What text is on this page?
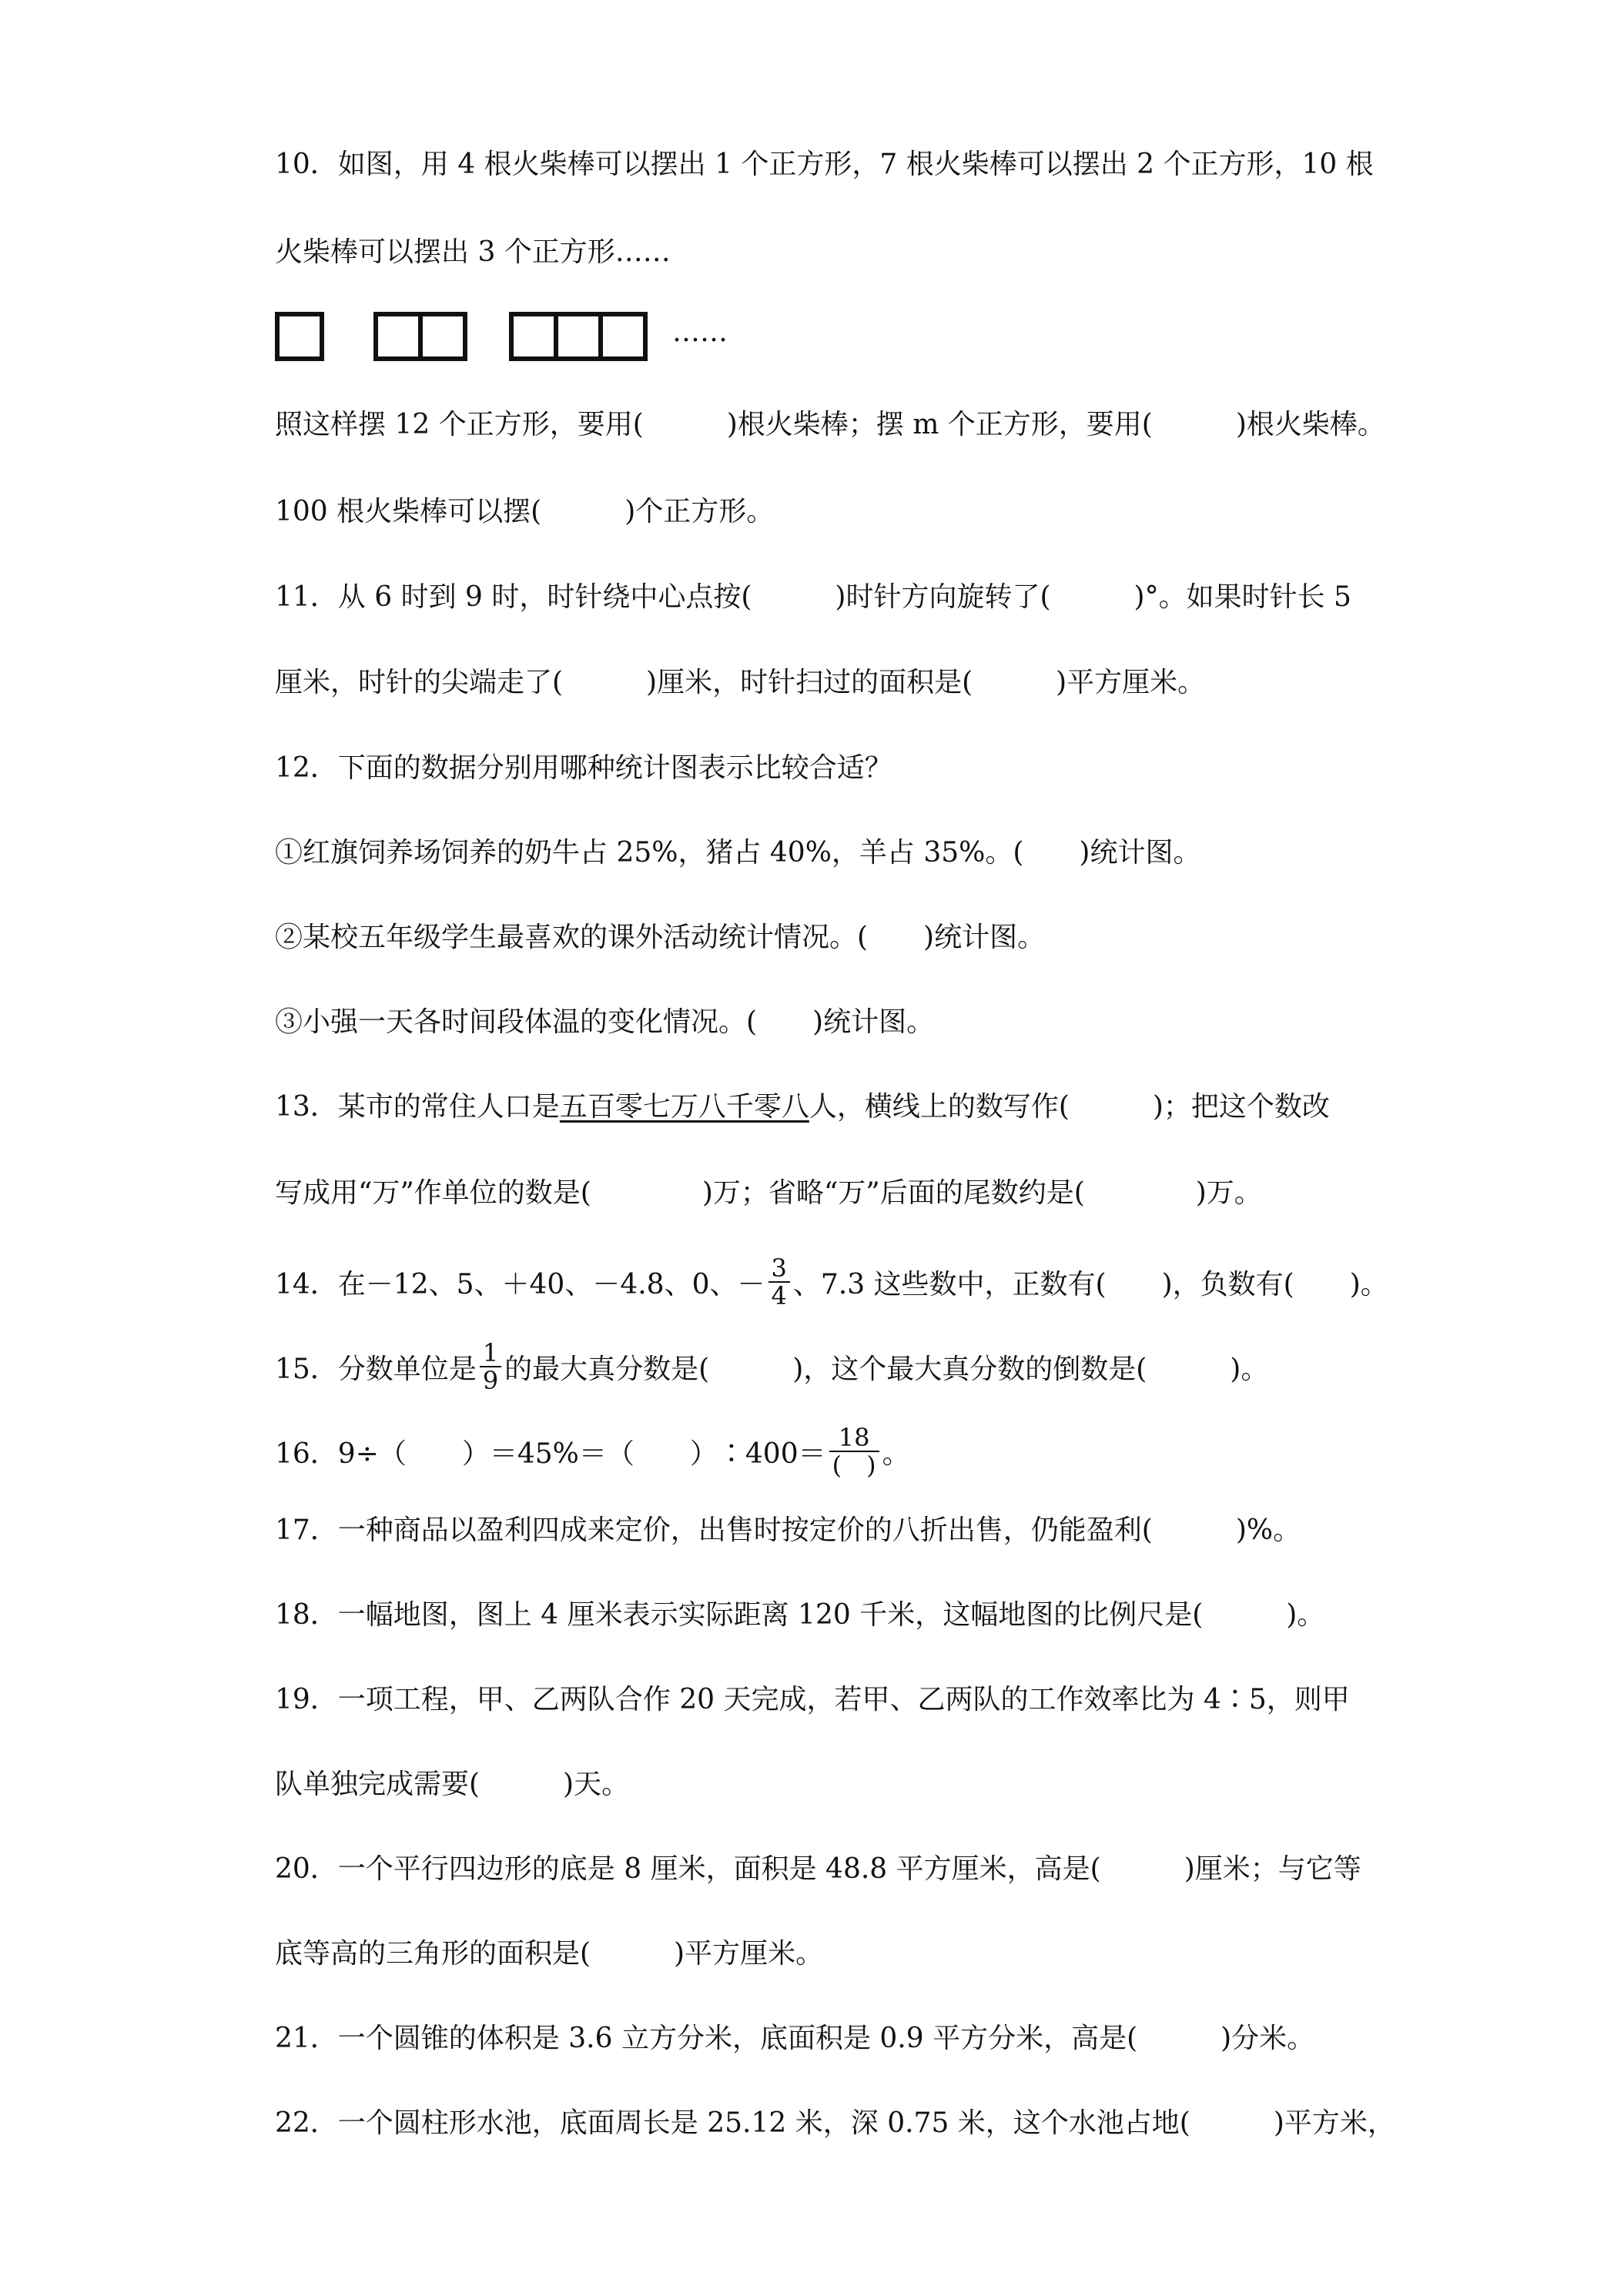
10．如图，用 4 根火柴棒可以摆出 1 个正方形，7 根火柴棒可以摆出 2 个正方形，10 根
火柴棒可以摆出 3 个正方形……
……
照这样摆 12 个正方形，要用(　　　)根火柴棒；摆 m 个正方形，要用(　　　)根火柴棒。
100 根火柴棒可以摆(　　　)个正方形。
11．从 6 时到 9 时，时针绕中心点按(　　　)时针方向旋转了(　　　)°。如果时针长 5
厘米，时针的尖端走了(　　　)厘米，时针扫过的面积是(　　　)平方厘米。
12．下面的数据分别用哪种统计图表示比较合适？
①红旗饲养场饲养的奶牛占 25%，猪占 40%，羊占 35%。(　　)统计图。
②某校五年级学生最喜欢的课外活动统计情况。(　　)统计图。
③小强一天各时间段体温的变化情况。(　　)统计图。
13．某市的常住人口是五百零七万八千零八人，横线上的数写作(　　　)；把这个数改
写成用“万”作单位的数是(　　　　)万；省略“万”后面的尾数约是(　　　　)万。
14．在－12、5、＋40、－4.8、0、－ $\frac{3}{4}$ 、7.3 这些数中，正数有(　　)，负数有(　　)。
15．分数单位是 $\frac{1}{9}$ 的最大真分数是(　　　)，这个最大真分数的倒数是(　　　)。
16．9÷（　　）＝45%＝（　　）∶400＝ $\frac{18}{( )}$ 。
17．一种商品以盈利四成来定价，出售时按定价的八折出售，仍能盈利(　　　)%。
18．一幅地图，图上 4 厘米表示实际距离 120 千米，这幅地图的比例尺是(　　　)。
19．一项工程，甲、乙两队合作 20 天完成，若甲、乙两队的工作效率比为 4∶5，则甲
队单独完成需要(　　　)天。
20．一个平行四边形的底是 8 厘米，面积是 48.8 平方厘米，高是(　　　)厘米；与它等
底等高的三角形的面积是(　　　)平方厘米。
21．一个圆锥的体积是 3.6 立方分米，底面积是 0.9 平方分米，高是(　　　)分米。
22．一个圆柱形水池，底面周长是 25.12 米，深 0.75 米，这个水池占地(　　　)平方米，
